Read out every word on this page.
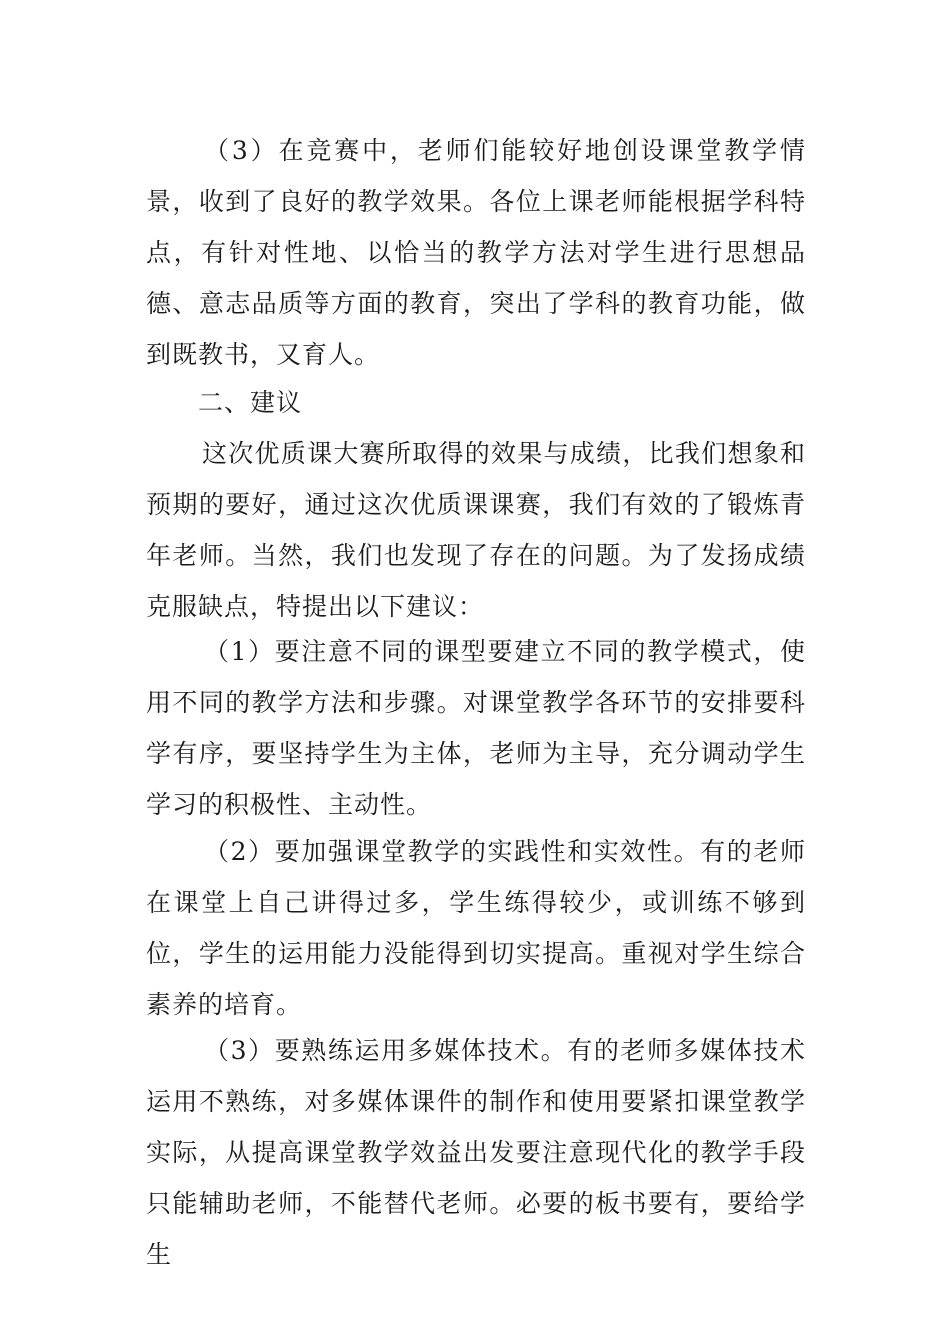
（3）在竞赛中，老师们能较好地创设课堂教学情景，收到了良好的教学效果。各位上课老师能根据学科特点，有针对性地、以恰当的教学方法对学生进行思想品德、意志品质等方面的教育，突出了学科的教育功能，做到既教书，又育人。

二、建议

这次优质课大赛所取得的效果与成绩，比我们想象和预期的要好，通过这次优质课课赛，我们有效的了锻炼青年老师。当然，我们也发现了存在的问题。为了发扬成绩克服缺点，特提出以下建议：

（1）要注意不同的课型要建立不同的教学模式，使用不同的教学方法和步骤。对课堂教学各环节的安排要科学有序，要坚持学生为主体，老师为主导，充分调动学生学习的积极性、主动性。

（2）要加强课堂教学的实践性和实效性。有的老师在课堂上自己讲得过多，学生练得较少，或训练不够到位，学生的运用能力没能得到切实提高。重视对学生综合素养的培育。

（3）要熟练运用多媒体技术。有的老师多媒体技术运用不熟练，对多媒体课件的制作和使用要紧扣课堂教学实际，从提高课堂教学效益出发要注意现代化的教学手段只能辅助老师，不能替代老师。必要的板书要有，要给学生
